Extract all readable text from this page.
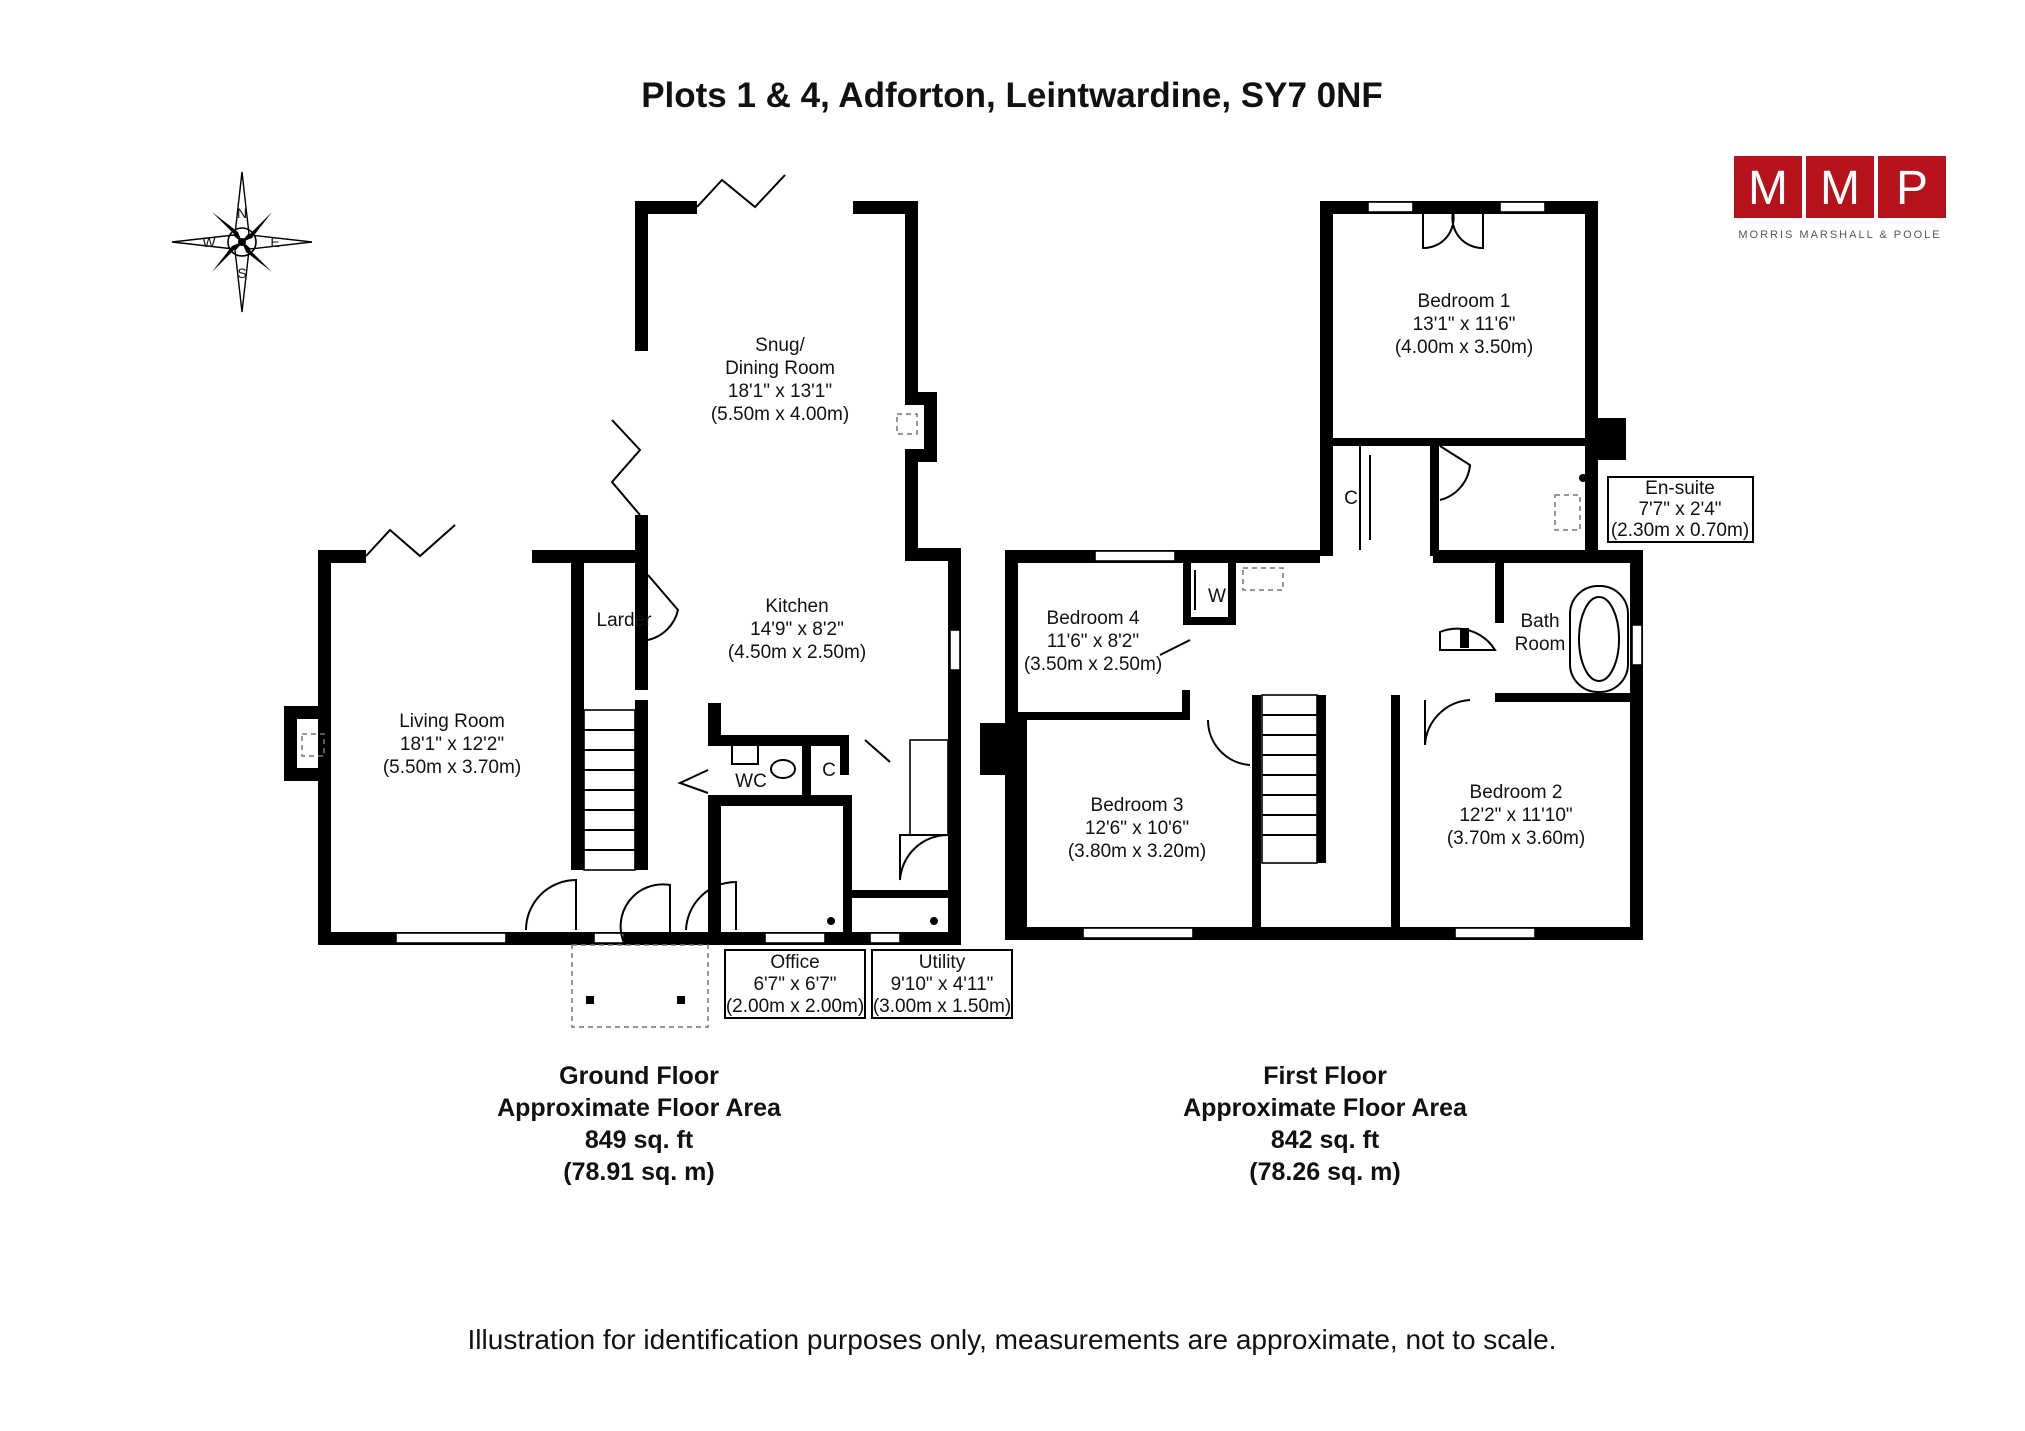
Plots 1 & 4, Adforton, Leintwardine, SY7 0NF
N
S
E
W
M M P
MORRIS MARSHALL & POOLE
Snug/
Dining Room
18'1" x 13'1"
(5.50m x 4.00m)
Kitchen
14'9" x 8'2"
(4.50m x 2.50m)
Living Room
18'1" x 12'2"
(5.50m x 3.70m)
Larder
WC
C
Office
6'7" x 6'7"
(2.00m x 2.00m)
Utility
9'10" x 4'11"
(3.00m x 1.50m)
Bedroom 1
13'1" x 11'6"
(4.00m x 3.50m)
En-suite
7'7" x 2'4"
(2.30m x 0.70m)
Bedroom 4
11'6" x 8'2"
(3.50m x 2.50m)
Bath
Room
Bedroom 3
12'6" x 10'6"
(3.80m x 3.20m)
Bedroom 2
12'2" x 11'10"
(3.70m x 3.60m)
W
C
Ground Floor
Approximate Floor Area
849 sq. ft
(78.91 sq. m)
First Floor
Approximate Floor Area
842 sq. ft
(78.26 sq. m)
Illustration for identification purposes only, measurements are approximate, not to scale.
